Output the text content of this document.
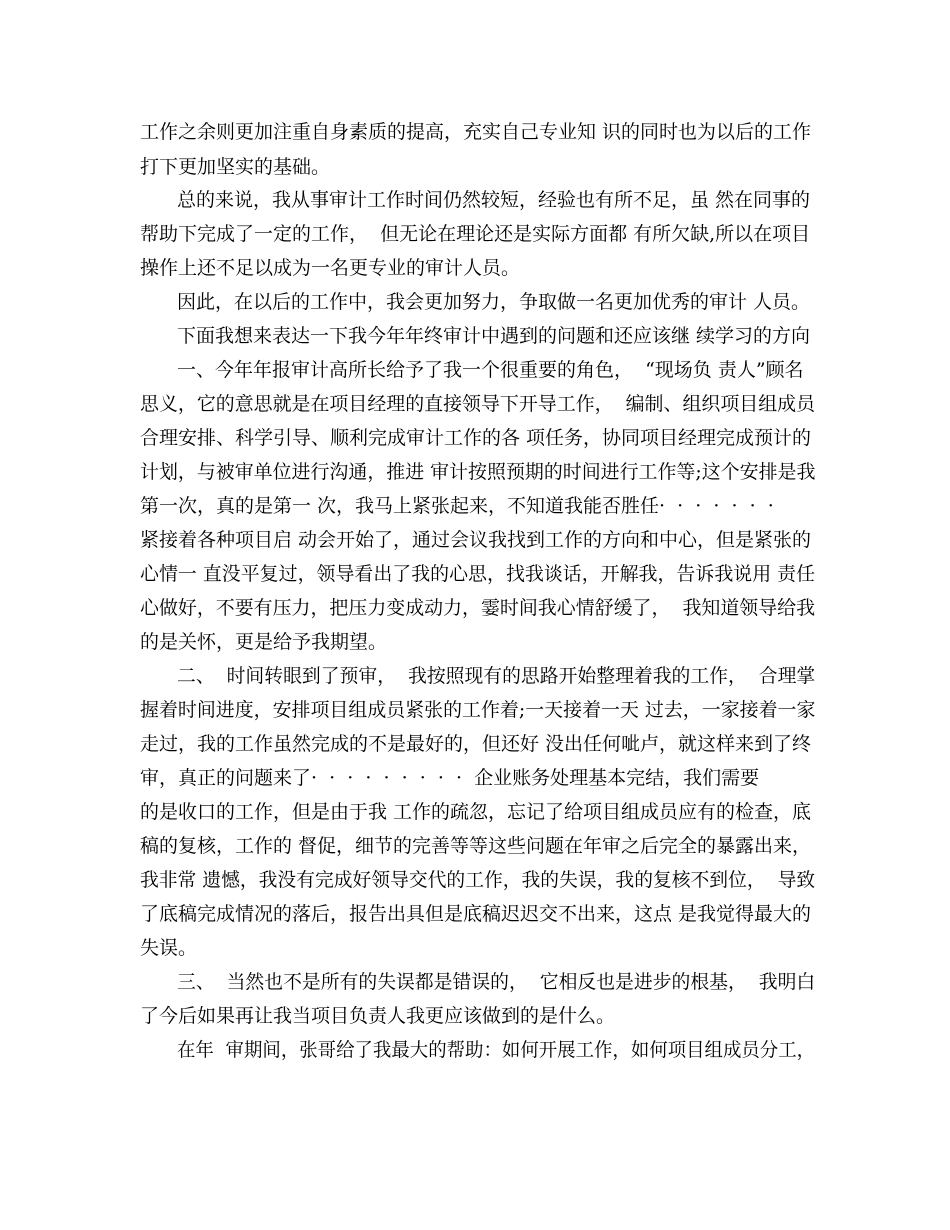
工作之余则更加注重自身素质的提高，充实自己专业知 识的同时也为以后的工作

打下更加坚实的基础。

总的来说，我从事审计工作时间仍然较短，经验也有所不足，虽 然在同事的

帮助下完成了一定的工作，  但无论在理论还是实际方面都 有所欠缺,所以在项目

操作上还不足以成为一名更专业的审计人员。

因此，在以后的工作中，我会更加努力，争取做一名更加优秀的审计 人员。

下面我想来表达一下我今年年终审计中遇到的问题和还应该继 续学习的方向

一、今年年报审计高所长给予了我一个很重要的角色，  “现场负 责人”顾名

思义，它的意思就是在项目经理的直接领导下开导工作，  编制、组织项目组成员

合理安排、科学引导、顺利完成审计工作的各 项任务，协同项目经理完成预计的

计划，与被审单位进行沟通，推进 审计按照预期的时间进行工作等;这个安排是我

第一次，真的是第一 次，我马上紧张起来，不知道我能否胜任·  ·  ·  ·  ·  ·  ·

紧接着各种项目启 动会开始了，通过会议我找到工作的方向和中心，但是紧张的

心情一 直没平复过，领导看出了我的心思，找我谈话，开解我，告诉我说用 责任

心做好，不要有压力，把压力变成动力，霎时间我心情舒缓了，  我知道领导给我

的是关怀，更是给予我期望。

二、  时间转眼到了预审，  我按照现有的思路开始整理着我的工作，  合理掌

握着时间进度，安排项目组成员紧张的工作着;一天接着一天 过去，一家接着一家

走过，我的工作虽然完成的不是最好的，但还好 没出任何呲卢，就这样来到了终

审，真正的问题来了·  ·  ·  ·  ·  ·  ·  ·  ·  企业账务处理基本完结，我们需要

的是收口的工作，但是由于我 工作的疏忽，忘记了给项目组成员应有的检查，底

稿的复核，工作的 督促，细节的完善等等这些问题在年审之后完全的暴露出来，

我非常 遗憾，我没有完成好领导交代的工作，我的失误，我的复核不到位，  导致

了底稿完成情况的落后，报告出具但是底稿迟迟交不出来，这点 是我觉得最大的

失误。

三、  当然也不是所有的失误都是错误的，  它相反也是进步的根基，  我明白

了今后如果再让我当项目负责人我更应该做到的是什么。

在年  审期间，张哥给了我最大的帮助：如何开展工作，如何项目组成员分工，
